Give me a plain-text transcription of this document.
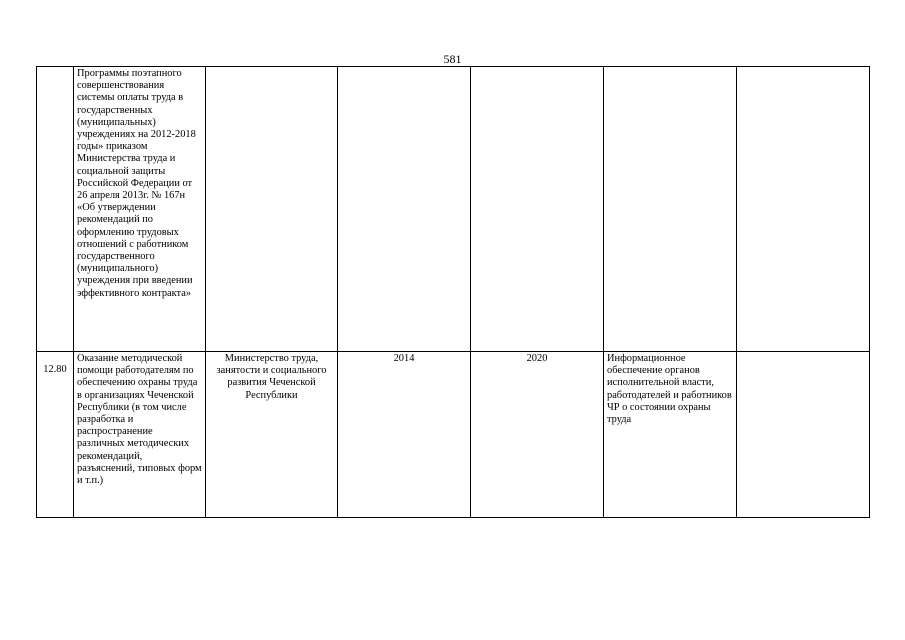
581
	Программы поэтапного совершенствования системы оплаты труда в государственных (муниципальных) учреждениях на 2012-2018 годы» приказом Министерства труда и социальной защиты Российской Федерации от 26 апреля 2013г. № 167н «Об утверждении рекомендаций по оформлению трудовых отношений с работником государственного (муниципального) учреждения при введении эффективного контракта»					
12.80	Оказание методической помощи работодателям по обеспечению охраны труда в организациях Чеченской Республики (в том числе разработка и распространение различных методических рекомендаций, разъяснений, типовых форм и т.п.)	Министерство труда, занятости и социального развития Чеченской Республики	2014	2020	Информационное обеспечение органов исполнительной власти, работодателей и работников ЧР о состоянии охраны труда	
